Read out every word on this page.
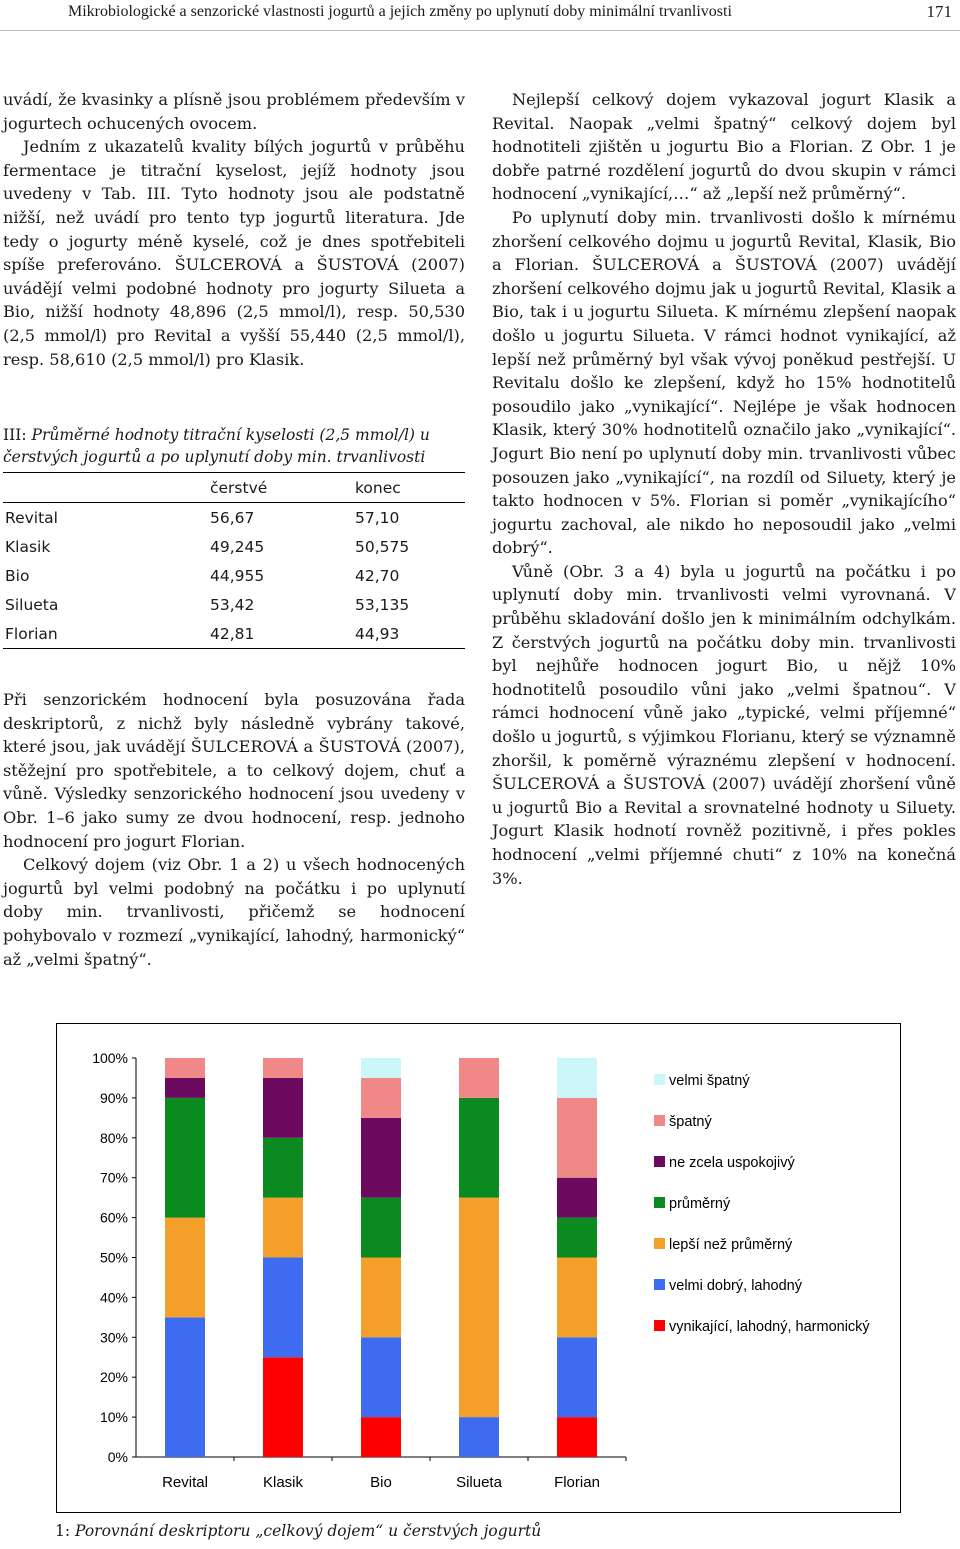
Mikrobiologické a senzorické vlastnosti jogurtů a jejich změny po uplynutí doby minimální trvanlivosti	171

uvádí, že kvasinky a plísně jsou problémem především v jogurtech ochucených ovocem.

Jedním z ukazatelů kvality bílých jogurtů v průběhu fermentace je titrační kyselost, jejíž hodnoty jsou uvedeny v Tab. III. Tyto hodnoty jsou ale podstatně nižší, než uvádí pro tento typ jogurtů literatura. Jde tedy o jogurty méně kyselé, což je dnes spotřebiteli spíše preferováno. ŠULCEROVÁ a ŠUSTOVÁ (2007) uvádějí velmi podobné hodnoty pro jogurty Silueta a Bio, nižší hodnoty 48,896 (2,5 mmol/l), resp. 50,530 (2,5 mmol/l) pro Revital a vyšší 55,440 (2,5 mmol/l), resp. 58,610 (2,5 mmol/l) pro Klasik.

III: Průměrné hodnoty titrační kyselosti (2,5 mmol/l) u čerstvých jogurtů a po uplynutí doby min. trvanlivosti
čerstvé	konec
Revital	56,67	57,10
Klasik	49,245	50,575
Bio	44,955	42,70
Silueta	53,42	53,135
Florian	42,81	44,93

Při senzorickém hodnocení byla posuzována řada deskriptorů, z nichž byly následně vybrány takové, které jsou, jak uvádějí ŠULCEROVÁ a ŠUSTOVÁ (2007), stěžejní pro spotřebitele, a to celkový dojem, chuť a vůně. Výsledky senzorického hodnocení jsou uvedeny v Obr. 1–6 jako sumy ze dvou hodnocení, resp. jednoho hodnocení pro jogurt Florian.

Celkový dojem (viz Obr. 1 a 2) u všech hodnocených jogurtů byl velmi podobný na počátku i po uplynutí doby min. trvanlivosti, přičemž se hodnocení pohybovalo v rozmezí „vynikající, lahodný, harmonický“ až „velmi špatný“.

Nejlepší celkový dojem vykazoval jogurt Klasik a Revital. Naopak „velmi špatný“ celkový dojem byl hodnotiteli zjištěn u jogurtu Bio a Florian. Z Obr. 1 je dobře patrné rozdělení jogurtů do dvou skupin v rámci hodnocení „vynikající,…“ až „lepší než průměrný“.

Po uplynutí doby min. trvanlivosti došlo k mírnému zhoršení celkového dojmu u jogurtů Revital, Klasik, Bio a Florian. ŠULCEROVÁ a ŠUSTOVÁ (2007) uvádějí zhoršení celkového dojmu jak u jogurtů Revital, Klasik a Bio, tak i u jogurtu Silueta. K mírnému zlepšení naopak došlo u jogurtu Silueta. V rámci hodnot vynikající, až lepší než průměrný byl však vývoj poněkud pestřejší. U Revitalu došlo ke zlepšení, když ho 15% hodnotitelů posoudilo jako „vynikající“. Nejlépe je však hodnocen Klasik, který 30% hodnotitelů označilo jako „vynikající“. Jogurt Bio není po uplynutí doby min. trvanlivosti vůbec posouzen jako „vynikající“, na rozdíl od Siluety, který je takto hodnocen v 5%. Florian si poměr „vynikajícího“ jogurtu zachoval, ale nikdo ho neposoudil jako „velmi dobrý“.

Vůně (Obr. 3 a 4) byla u jogurtů na počátku i po uplynutí doby min. trvanlivosti velmi vyrovnaná. V průběhu skladování došlo jen k minimálním odchylkám. Z čerstvých jogurtů na počátku doby min. trvanlivosti byl nejhůře hodnocen jogurt Bio, u nějž 10% hodnotitelů posoudilo vůni jako „velmi špatnou“. V rámci hodnocení vůně jako „typické, velmi příjemné“ došlo u jogurtů, s výjimkou Florianu, který se významně zhoršil, k poměrně výraznému zlepšení v hodnocení. ŠULCEROVÁ a ŠUSTOVÁ (2007) uvádějí zhoršení vůně u jogurtů Bio a Revital a srovnatelné hodnoty u Siluety. Jogurt Klasik hodnotí rovněž pozitivně, i přes pokles hodnocení „velmi příjemné chuti“ z 10% na konečná 3%.

0%
10%
20%
30%
40%
50%
60%
70%
80%
90%
100%
Revital	Klasik	Bio	Silueta	Florian
velmi špatný
špatný
ne zcela uspokojivý
průměrný
lepší než průměrný
velmi dobrý, lahodný
vynikající, lahodný, harmonický
1: Porovnání deskriptoru „celkový dojem“ u čerstvých jogurtů
